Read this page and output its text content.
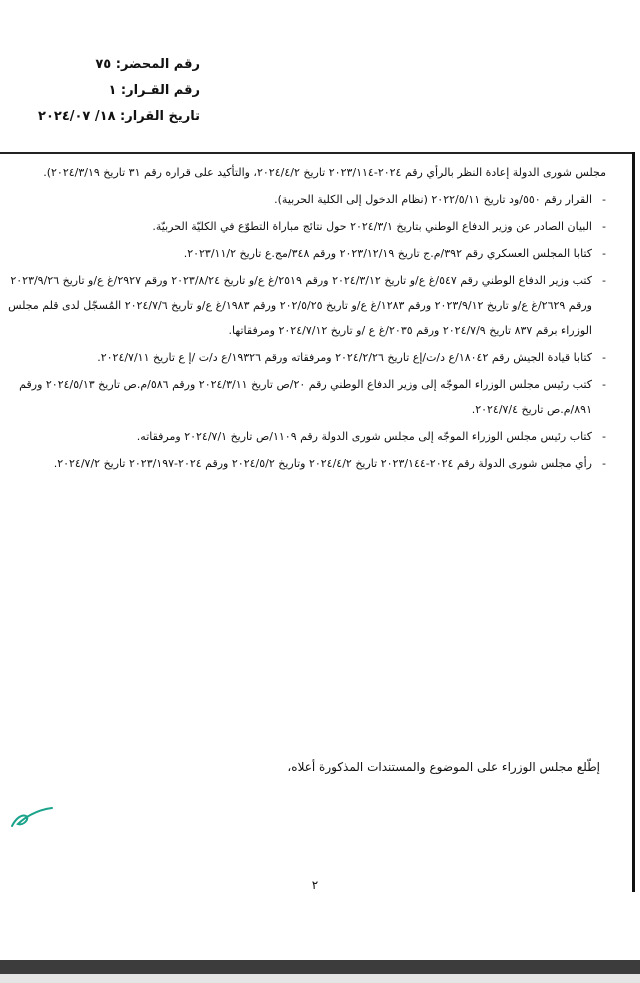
رقم المحضر: ٧٥
رقم القـرار: ١
تاريخ القرار: ١٨/ ٢٠٢٤/٠٧
مجلس شورى الدولة إعادة النظر بالرأي رقم ٢٠٢٤-٢٠٢٣/١١٤ تاريخ ٢٠٢٤/٤/٢، والتأكيد على قراره رقم ٣١ تاريخ ٢٠٢٤/٣/١٩).
-
القرار رقم ٥٥٠/ود تاريخ ٢٠٢٢/٥/١١ (نظام الدخول إلى الكلية الحربية).
-
البيان الصادر عن وزير الدفاع الوطني بتاريخ ٢٠٢٤/٣/١ حول نتائج مباراة التطوّع في الكليّة الحربيّة.
-
كتابا المجلس العسكري رقم ٣٩٢/م.ج تاريخ ٢٠٢٣/١٢/١٩ ورقم ٣٤٨/مج.ع تاريخ ٢٠٢٣/١١/٢.
-
كتب وزير الدفاع الوطني رقم ٥٤٧/غ ع/و تاريخ ٢٠٢٤/٣/١٢ ورقم ٢٥١٩/غ ع/و تاريخ ٢٠٢٣/٨/٢٤ ورقم ٢٩٢٧/غ ع/و تاريخ ٢٠٢٣/٩/٢٦ ورقم ٢٦٢٩/غ ع/و تاريخ ٢٠٢٣/٩/١٢ ورقم ١٢٨٣/غ ع/و تاريخ ٢٠٢/٥/٢٥ ورقم ١٩٨٣/غ ع/و تاريخ ٢٠٢٤/٧/٦ المُسجّل لدى قلم مجلس الوزراء برقم ٨٣٧ تاريخ ٢٠٢٤/٧/٩ ورقم ٢٠٣٥/غ ع /و تاريخ ٢٠٢٤/٧/١٢ ومرفقاتها.
-
كتابا قيادة الجيش رقم ١٨٠٤٢/ع د/ت/إع تاريخ ٢٠٢٤/٢/٢٦ ومرفقاته ورقم ١٩٣٢٦/ع د/ت /إ ع تاريخ ٢٠٢٤/٧/١١.
-
كتب رئيس مجلس الوزراء الموجّه إلى وزير الدفاع الوطني رقم ٢٠/ص تاريخ ٢٠٢٤/٣/١١ ورقم ٥٨٦/م.ص تاريخ ٢٠٢٤/٥/١٣ ورقم ٨٩١/م.ص تاريخ ٢٠٢٤/٧/٤.
-
كتاب رئيس مجلس الوزراء الموجّه إلى مجلس شورى الدولة رقم ١١٠٩/ص تاريخ ٢٠٢٤/٧/١ ومرفقاته.
-
رأي مجلس شورى الدولة رقم ٢٠٢٤-٢٠٢٣/١٤٤ تاريخ ٢٠٢٤/٤/٢ وتاريخ ٢٠٢٤/٥/٢ ورقم ٢٠٢٤-٢٠٢٣/١٩٧ تاريخ ٢٠٢٤/٧/٢.
إطّلع مجلس الوزراء على الموضوع والمستندات المذكورة أعلاه،
٢
